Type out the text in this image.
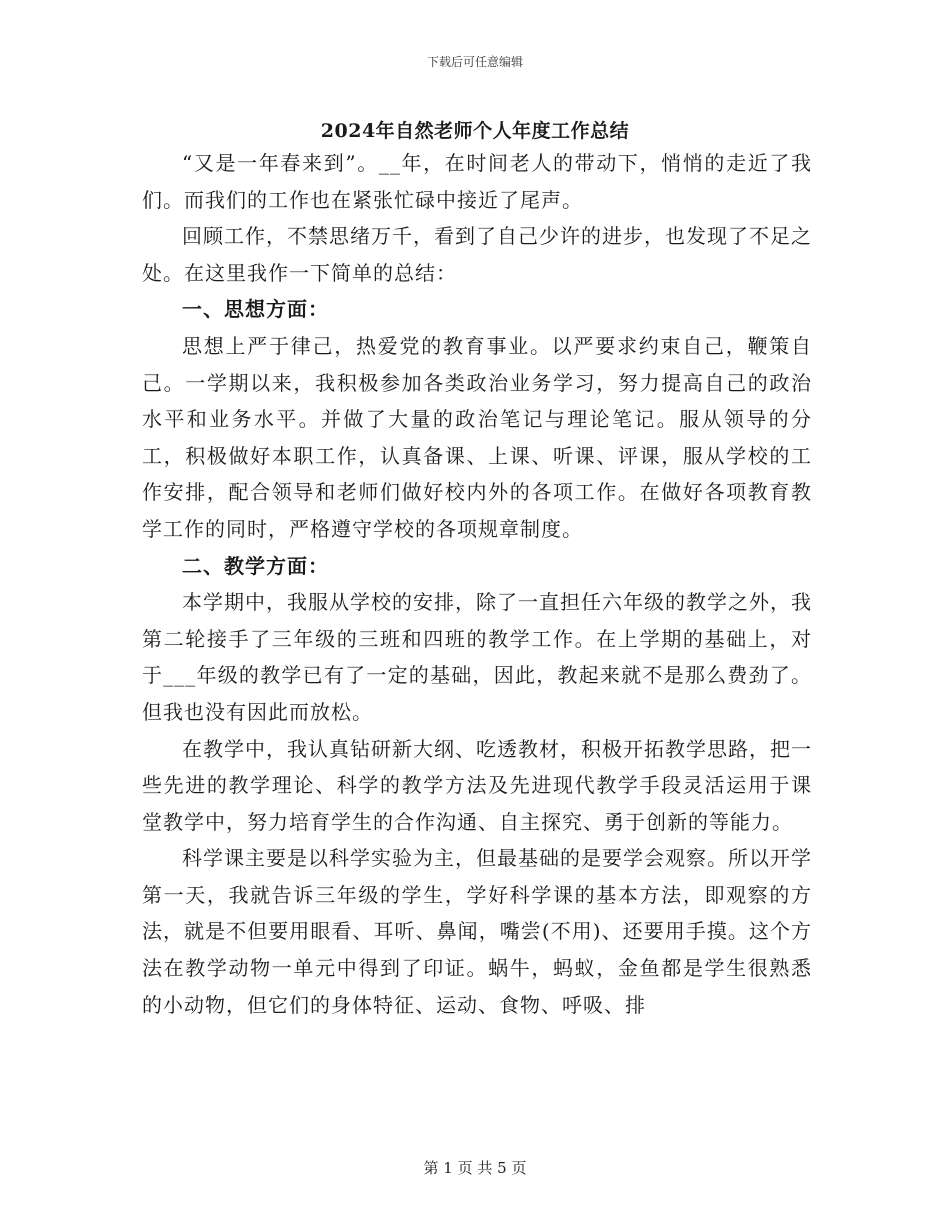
下载后可任意编辑
2024年自然老师个人年度工作总结

“又是一年春来到”。__年，在时间老人的带动下，悄悄的走近了我们。而我们的工作也在紧张忙碌中接近了尾声。

回顾工作，不禁思绪万千，看到了自己少许的进步，也发现了不足之处。在这里我作一下简单的总结：

一、思想方面：

思想上严于律己，热爱党的教育事业。以严要求约束自己，鞭策自己。一学期以来，我积极参加各类政治业务学习，努力提高自己的政治水平和业务水平。并做了大量的政治笔记与理论笔记。服从领导的分工，积极做好本职工作，认真备课、上课、听课、评课，服从学校的工作安排，配合领导和老师们做好校内外的各项工作。在做好各项教育教学工作的同时，严格遵守学校的各项规章制度。

二、教学方面：

本学期中，我服从学校的安排，除了一直担任六年级的教学之外，我第二轮接手了三年级的三班和四班的教学工作。在上学期的基础上，对于___年级的教学已有了一定的基础，因此，教起来就不是那么费劲了。但我也没有因此而放松。

在教学中，我认真钻研新大纲、吃透教材，积极开拓教学思路，把一些先进的教学理论、科学的教学方法及先进现代教学手段灵活运用于课堂教学中，努力培育学生的合作沟通、自主探究、勇于创新的等能力。

科学课主要是以科学实验为主，但最基础的是要学会观察。所以开学第一天，我就告诉三年级的学生，学好科学课的基本方法，即观察的方法，就是不但要用眼看、耳听、鼻闻，嘴尝(不用)、还要用手摸。这个方法在教学动物一单元中得到了印证。蜗牛，蚂蚁，金鱼都是学生很熟悉的小动物，但它们的身体特征、运动、食物、呼吸、排

第 1 页 共 5 页
